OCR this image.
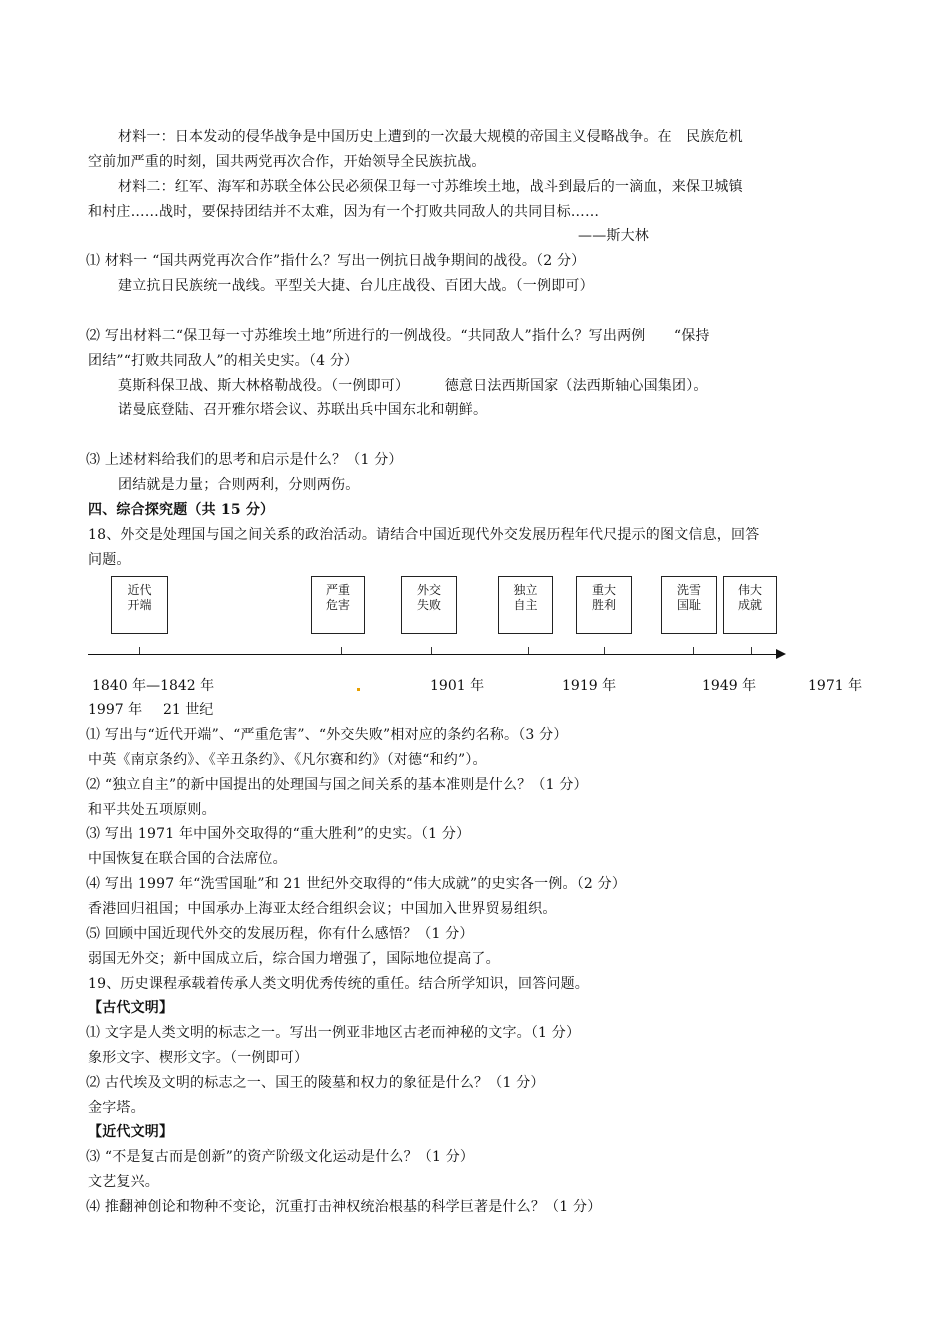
材料一：日本发动的侵华战争是中国历史上遭到的一次最大规模的帝国主义侵略战争。在　民族危机
空前加严重的时刻，国共两党再次合作，开始领导全民族抗战。
材料二：红军、海军和苏联全体公民必须保卫每一寸苏维埃土地，战斗到最后的一滴血，来保卫城镇
和村庄……战时，要保持团结并不太难，因为有一个打败共同敌人的共同目标……
——斯大林
⑴ 材料一 “国共两党再次合作”指什么？写出一例抗日战争期间的战役。（2 分）
建立抗日民族统一战线。平型关大捷、台儿庄战役、百团大战。（一例即可）
⑵ 写出材料二“保卫每一寸苏维埃土地”所进行的一例战役。“共同敌人”指什么？写出两例　　“保持
团结”“打败共同敌人”的相关史实。（4 分）
莫斯科保卫战、斯大林格勒战役。（一例即可）　　　德意日法西斯国家（法西斯轴心国集团）。
诺曼底登陆、召开雅尔塔会议、苏联出兵中国东北和朝鲜。
⑶ 上述材料给我们的思考和启示是什么？（1 分）
团结就是力量；合则两利，分则两伤。
四、综合探究题（共 15 分）
18、外交是处理国与国之间关系的政治活动。请结合中国近现代外交发展历程年代尺提示的图文信息，回答
问题。
近代
开端
严重
危害
外交
失败
独立
自主
重大
胜利
洗雪
国耻
伟大
成就
1840 年—1842 年	1901 年	1919 年	1949 年	1971 年
1997 年 21 世纪
⑴ 写出与“近代开端”、“严重危害”、“外交失败”相对应的条约名称。（3 分）
中英《南京条约》、《辛丑条约》、《凡尔赛和约》（对德“和约”）。
⑵ “独立自主”的新中国提出的处理国与国之间关系的基本准则是什么？（1 分）
和平共处五项原则。
⑶ 写出 1971 年中国外交取得的“重大胜利”的史实。（1 分）
中国恢复在联合国的合法席位。
⑷ 写出 1997 年“洗雪国耻”和 21 世纪外交取得的“伟大成就”的史实各一例。（2 分）
香港回归祖国；中国承办上海亚太经合组织会议；中国加入世界贸易组织。
⑸ 回顾中国近现代外交的发展历程，你有什么感悟？（1 分）
弱国无外交；新中国成立后，综合国力增强了，国际地位提高了。
19、历史课程承载着传承人类文明优秀传统的重任。结合所学知识，回答问题。
【古代文明】
⑴ 文字是人类文明的标志之一。写出一例亚非地区古老而神秘的文字。（1 分）
象形文字、楔形文字。（一例即可）
⑵ 古代埃及文明的标志之一、国王的陵墓和权力的象征是什么？（1 分）
金字塔。
【近代文明】
⑶ “不是复古而是创新”的资产阶级文化运动是什么？（1 分）
文艺复兴。
⑷ 推翻神创论和物种不变论，沉重打击神权统治根基的科学巨著是什么？（1 分）
